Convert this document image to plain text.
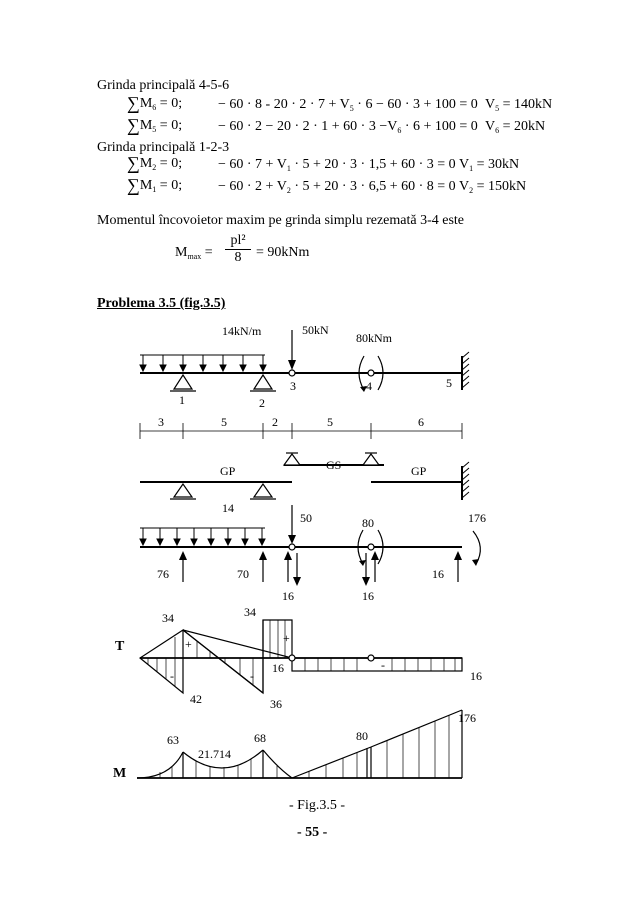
Grinda principală 4-5-6
$\sum M_6 = 0$;	− $60 \cdot 8 - 20 \cdot 2 \cdot 7 + V_5 \cdot 6 - 60 \cdot 3 + 100 = 0$ $V_5 = 140kN$
$\sum M_5 = 0$;	− $60 \cdot 2 - 20 \cdot 2 \cdot 1 + 60 \cdot 3 -V_6 \cdot 6 + 100 = 0$ $V_6 = 20kN$
Grinda principală 1-2-3
$\sum M_2 = 0$;	− $60 \cdot 7 + V_1 \cdot 5 + 20 \cdot 3 \cdot 1,5 + 60 \cdot 3 = 0$ $V_1 = 30kN$
$\sum M_1 = 0$;	− $60 \cdot 2 + V_2 \cdot 5 + 20 \cdot 3 \cdot 6,5 + 60 \cdot 8 = 0$ $V_2 = 150kN$
Momentul încovoietor maxim pe grinda simplu rezemată 3-4 este
$M_{max} = \frac{\text{pl²}}{8} = 90kNm$
Problema 3.5 (fig.3.5)
14kN/m	50kN
80kNm
1	2
3	4	5
3	5	2	5	6
GP	GS	GP
14
50	80	176
76	70
16	16
16
T
34
42
34
36
16
16
+
-	-
+
-
M
63
21.714
68	80
176
- Fig.3.5 -
- 55 -
